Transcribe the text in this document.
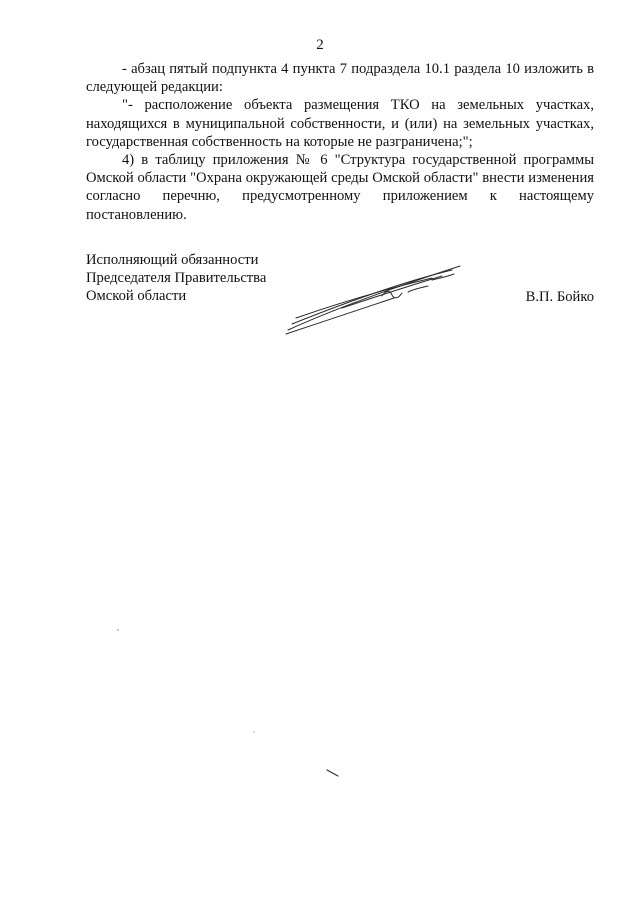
2

- абзац пятый подпункта 4 пункта 7 подраздела 10.1 раздела 10 изложить в следующей редакции:

"- расположение объекта размещения ТКО на земельных участках, находящихся в муниципальной собственности, и (или) на земельных участках, государственная собственность на которые не разграничена;";

4) в таблицу приложения № 6 "Структура государственной программы Омской области "Охрана окружающей среды Омской области" внести изменения согласно перечню, предусмотренному приложением к настоящему постановлению.

Исполняющий обязанности
Председателя Правительства
Омской области	В.П. Бойко
